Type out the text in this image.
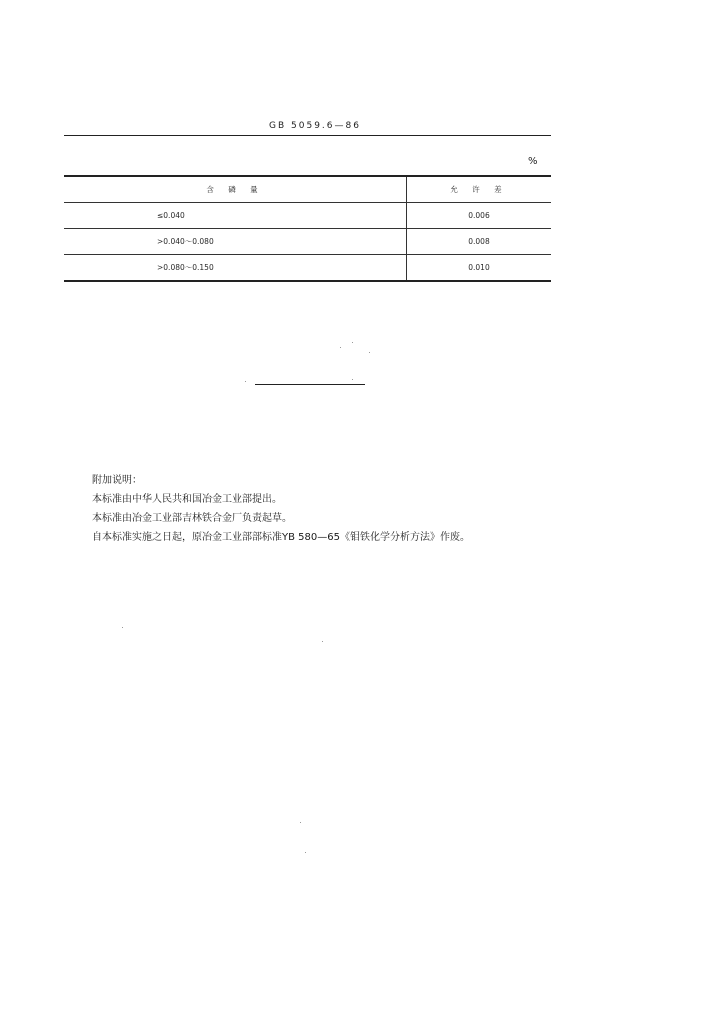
GB 5059.6—86
%
含 磷 量	允 许 差
≤0.040	0.006
>0.040～0.080	0.008
>0.080～0.150	0.010
附加说明：
本标准由中华人民共和国冶金工业部提出。
本标准由冶金工业部吉林铁合金厂负责起草。
自本标准实施之日起，原冶金工业部部标准YB 580—65《钼铁化学分析方法》作废。
